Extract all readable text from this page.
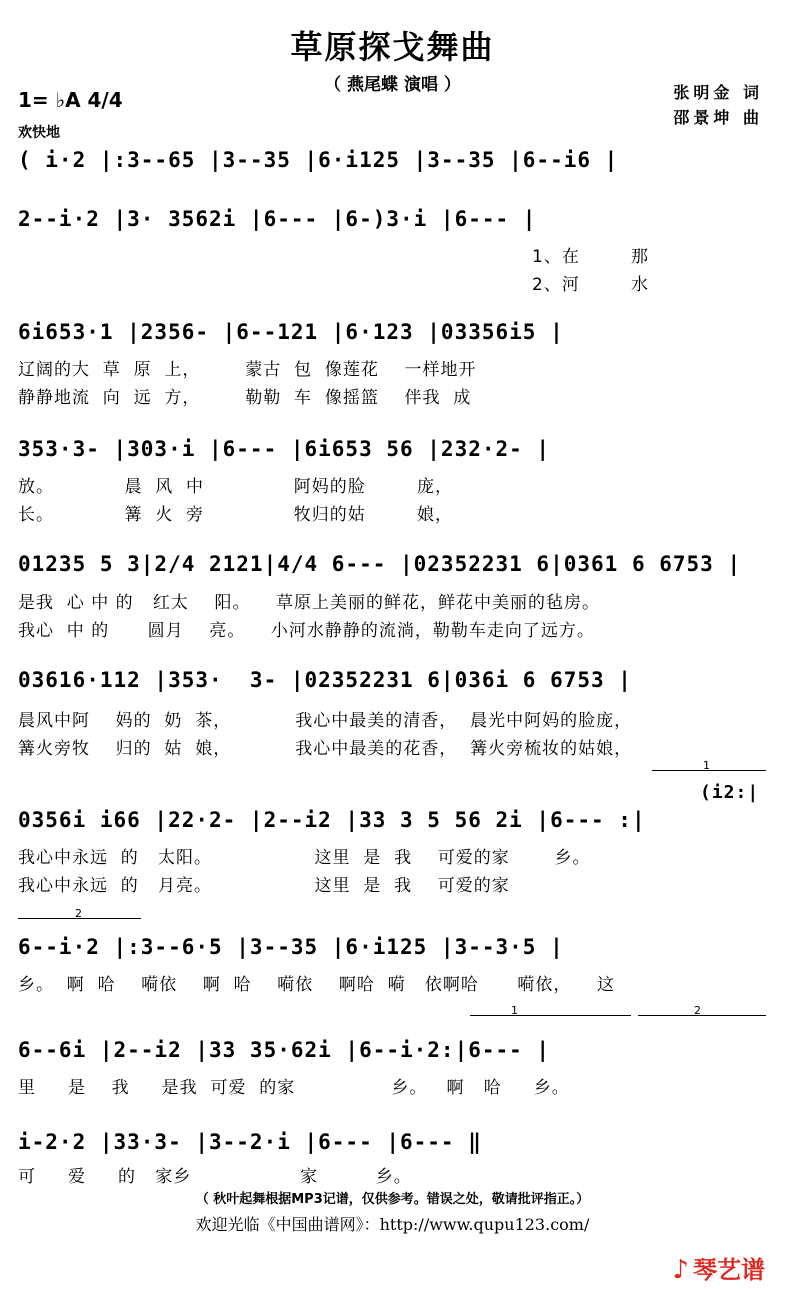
草原探戈舞曲
（ 燕尾蝶 演唱 ）	张明金 词
邵景坤 曲
1= ♭A 4/4
欢快地
( i·2 |:3--65 |3--35 |6·i125 |3--35 |6--i6 |
2--i·2 |3· 3562i |6--- |6-)3·i |6--- |
1、在        那
2、河        水
6i653·1 |2356- |6--121 |6·123 |03356i5 |
辽阔的大  草  原  上，       蒙古  包  像莲花    一样地开
静静地流  向  远  方，       勒勒  车  像摇篮    伴我  成
353·3- |303·i |6--- |6i653 56 |232·2- |
放。           晨  风  中              阿妈的脸        庞，
长。           篝  火  旁              牧归的姑        娘，
01235 5 3|2/4 2121|4/4 6--- |02352231 6|0361 6 6753 |
是我  心 中 的   红太    阳。    草原上美丽的鲜花，鲜花中美丽的毡房。
我心  中 的      圆月    亮。    小河水静静的流淌，勒勒车走向了远方。
03616·112 |353·  3- |02352231 6|036i 6 6753 |
晨风中阿    妈的  奶  茶，          我心中最美的清香，  晨光中阿妈的脸庞，
篝火旁牧    归的  姑  娘，          我心中最美的花香，  篝火旁梳妆的姑娘，
1
(i2:|
0356i i66 |22·2- |2--i2 |33 3 5 56 2i |6--- :|
我心中永远  的   太阳。                这里  是  我    可爱的家       乡。
我心中永远  的   月亮。                这里  是  我    可爱的家
2
6--i·2 |:3--6·5 |3--35 |6·i125 |3--3·5 |
乡。  啊  哈    嗬依    啊  哈    嗬依    啊哈  嗬   依啊哈      嗬依，    这
1	2
6--6i |2--i2 |33 35·62i |6--i·2:|6--- |
里     是    我     是我  可爱  的家               乡。   啊   哈     乡。
i-2·2 |33·3- |3--2·i |6--- |6--- ‖
可     爱     的   家乡                 家         乡。
（ 秋叶起舞根据MP3记谱，仅供参考。错误之处，敬请批评指正。）
欢迎光临《中国曲谱网》：http://www.qupu123.com/
♪ 琴艺谱
